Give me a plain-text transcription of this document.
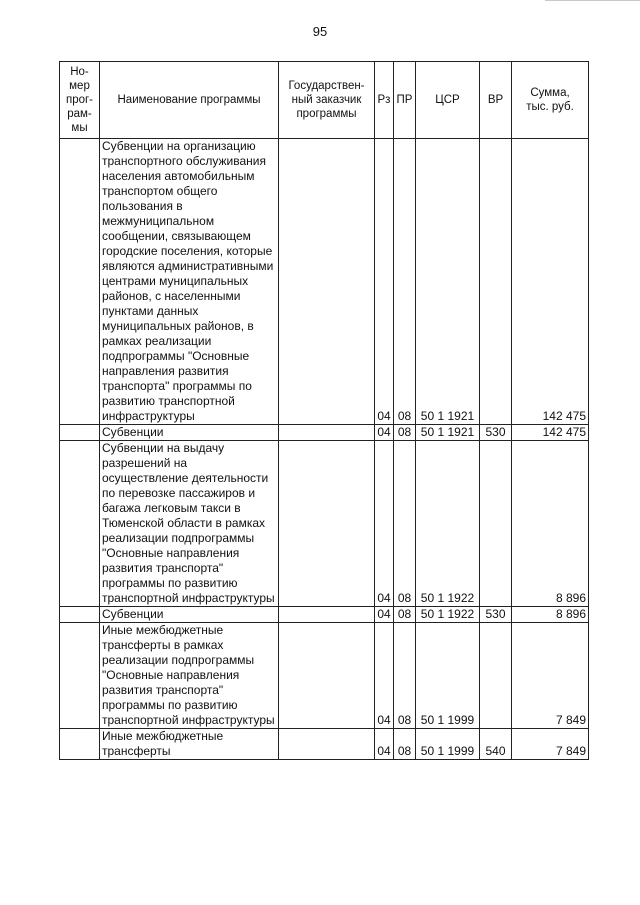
95
Но-
мер
прог-
рам-
мы	Наименование программы	Государствен-
ный заказчик
программы	Рз	ПР	ЦСР	ВР	Сумма,
тыс. руб.
	Субвенции на организацию транспортного обслуживания населения автомобильным транспортом общего пользования в межмуниципальном сообщении, связывающем городские поселения, которые являются административными центрами муниципальных районов, с населенными пунктами данных муниципальных районов, в рамках реализации подпрограммы "Основные направления развития транспорта" программы по развитию транспортной инфраструктуры		04	08	50 1 1921		142 475
	Субвенции		04	08	50 1 1921	530	142 475
	Субвенции на выдачу разрешений на осуществление деятельности по перевозке пассажиров и багажа легковым такси в Тюменской области в рамках реализации подпрограммы "Основные направления развития транспорта" программы по развитию транспортной инфраструктуры		04	08	50 1 1922		8 896
	Субвенции		04	08	50 1 1922	530	8 896
	Иные межбюджетные трансферты в рамках реализации подпрограммы "Основные направления развития транспорта" программы по развитию транспортной инфраструктуры		04	08	50 1 1999		7 849
	Иные межбюджетные трансферты		04	08	50 1 1999	540	7 849
